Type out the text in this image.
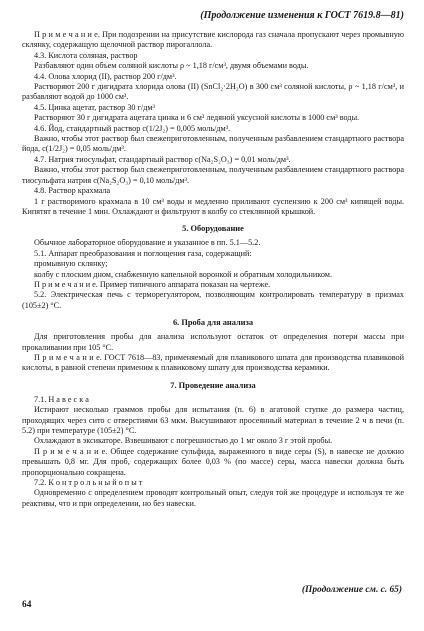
(Продолжение изменения к ГОСТ 7619.8—81)

П р и м е ч а н и е. При подозрении на присутствие кислорода газ сначала пропускают через промывную склянку, содержащую щелочной раствор пирогаллола.

4.3. Кислота соляная, раствор

Разбавляют один объем соляной кислоты ρ ~ 1,18 г/см³, двумя объемами воды.

4.4. Олова хлорид (II), раствор 200 г/дм³.

Растворяют 200 г дигидрата хлорида олова (II) (SnCl₂·2H₂O) в 300 см³ соляной кислоты, ρ ~ 1,18 г/см³, и разбавляют водой до 1000 см³.

4.5. Цинка ацетат, раствор 30 г/дм³

Растворяют 30 г дигидрата ацетата цинка и 6 см³ ледяной уксусной кислоты в 1000 см³ воды.

4.6. Йод, стандартный раствор c(1/2J₂) = 0,005 моль/дм³.

Важно, чтобы этот раствор был свежеприготовленным, полученным разбавлением стандартного раствора йода, c(1/2J₂) = 0,05 моль/дм³.

4.7. Натрия тиосульфат, стандартный раствор c(Na₂S₂O₃) = 0,01 моль/дм³.

Важно, чтобы этот раствор был свежеприготовленным, полученным разбавлением стандартного раствора тиосульфата натрия c(Na₂S₂O₃) = 0,10 моль/дм³.

4.8. Раствор крахмала

1 г растворимого крахмала в 10 см³ воды и медленно приливают суспензию к 200 см³ кипящей воды. Кипятят в течение 1 мин. Охлаждают и фильтруют в колбу со стеклянной крышкой.

5. Оборудование

Обычное лабораторное оборудование и указанное в пп. 5.1—5.2.

5.1. Аппарат преобразования и поглощения газа, содержащий:

промывную склянку;

колбу с плоским дном, снабженную капельной воронкой и обратным холодильником.

П р и м е ч а н и е. Пример типичного аппарата показан на чертеже.

5.2. Электрическая печь с терморегулятором, позволяющим контролировать температуру в призмах (105±2) °С.

6. Проба для анализа

Для приготовления пробы для анализа используют остаток от определения потери массы при прокаливании при 105 °С.

П р и м е ч а н и е. ГОСТ 7618—83, применяемый для плавикового шпата для производства плавиковой кислоты, в равной степени применим к плавиковому шпату для производства керамики.

7. Проведение анализа

7.1. Н а в е с к а

Истирают несколько граммов пробы для испытания (п. 6) в агатовой ступке до размера частиц, проходящих через сито с отверстиями 63 мкм. Высушивают просеянный материал в течение 2 ч в печи (п. 5.2) при температуре (105±2) °С.

Охлаждают в эксикаторе. Взвешивают с погрешностью до 1 мг около 3 г этой пробы.

П р и м е ч а н и е. Общее содержание сульфида, выраженного в виде серы (S), в навеске не должно превышать 0,8 мг. Для проб, содержащих более 0,03 % (по массе) серы, масса навески должна быть пропорционально сокращена.

7.2. К о н т р о л ь н ы й о п ы т

Одновременно с определением проводят контрольный опыт, следуя той же процедуре и используя те же реактивы, что и при определении, но без навески.

(Продолжение см. с. 65)
64
